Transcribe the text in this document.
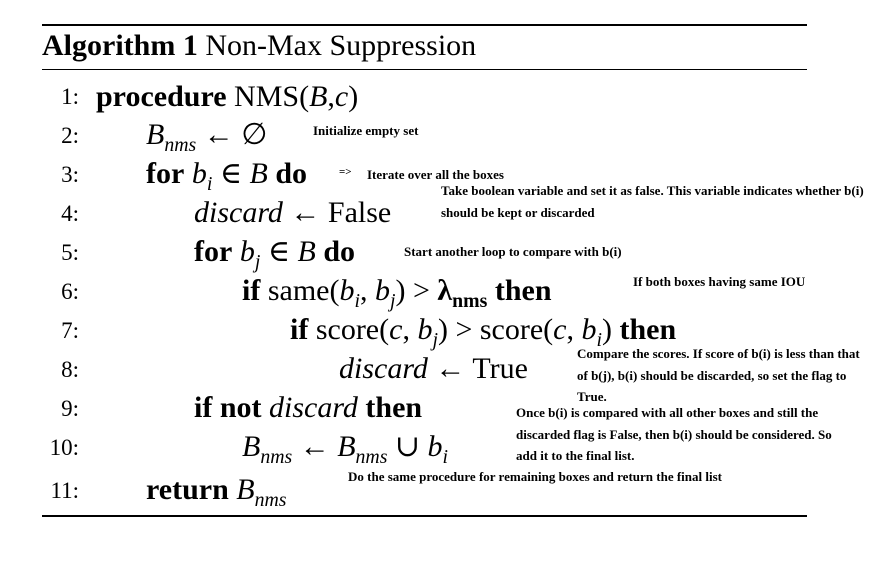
Algorithm 1 Non-Max Suppression
1:
2:
3:
4:
5:
6:
7:
8:
9:
10:
11:
procedure NMS(B,c)
$B_{nms}$ ← ∅	Initialize empty set
for $b_i$ ∈ B do	=> Iterate over all the boxes
discard ← False
Take boolean variable and set it as false. This variable indicates whether b(i)
should be kept or discarded
for $b_j$ ∈ B do	Start another loop to compare with b(i)
if $same(b_i$, $b_j) > \lambda_{nms}$ then	If both boxes having same IOU
if score(c, $b_j$) > score(c, $b_i$) then
discard ← True	Compare the scores. If score of b(i) is less than that
of b(j), b(i) should be discarded, so set the flag to
True.
if not discard then
$B_{nms}$ ← $B_{nms}$ ∪ $b_i$
Once b(i) is compared with all other boxes and still the
discarded flag is False, then b(i) should be considered. So
add it to the final list.
return $B_{nms}$
Do the same procedure for remaining boxes and return the final list
